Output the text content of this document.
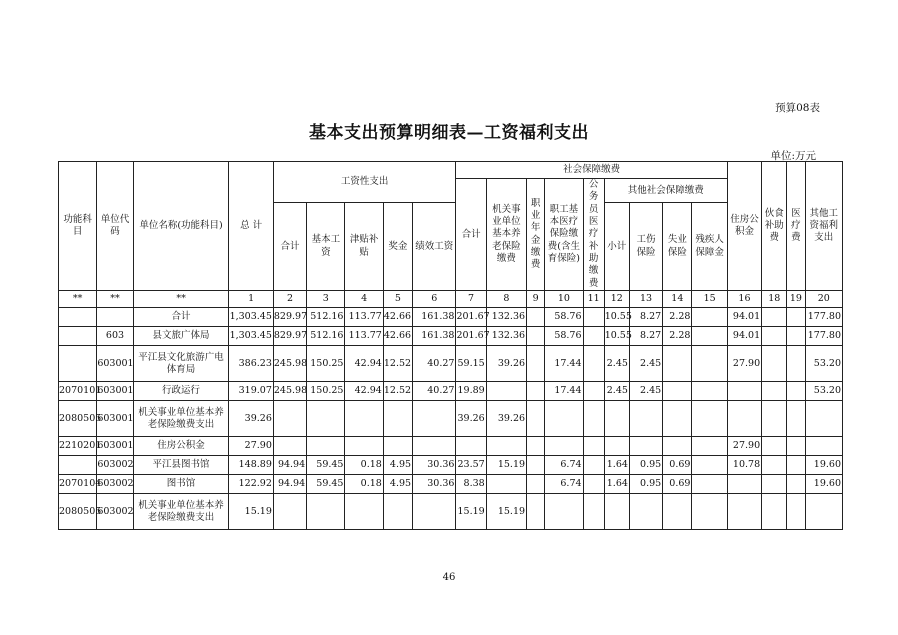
预算08表
基本支出预算明细表—工资福利支出
单位:万元
功能科目	单位代码	单位名称(功能科目)	总 计	工资性支出					社会保障缴费									住房公积金	伙食补助费	医疗费	其他工资福利支出
									合计	机关事业单位基本养老保险缴费	职业年金缴费	职工基本医疗保险缴费(含生育保险)	公务员医疗补助缴费	其他社会保障缴费							
				合计	基本工资	津贴补贴	奖金	绩效工资						小计	工伤保险	失业保险	残疾人保障金				
**	**	**	1	2	3	4	5	6	7	8	9	10	11	12	13	14	15	16	18	19	20
		合计	1,303.45	829.97	512.16	113.77	42.66	161.38	201.67	132.36		58.76		10.55	8.27	2.28		94.01			177.80
	603	县文旅广体局	1,303.45	829.97	512.16	113.77	42.66	161.38	201.67	132.36		58.76		10.55	8.27	2.28		94.01			177.80
	603001	平江县文化旅游广电体育局	386.23	245.98	150.25	42.94	12.52	40.27	59.15	39.26		17.44		2.45	2.45			27.90			53.20
2070101	603001	行政运行	319.07	245.98	150.25	42.94	12.52	40.27	19.89			17.44		2.45	2.45						53.20
2080505	603001	机关事业单位基本养老保险缴费支出	39.26						39.26	39.26											
2210201	603001	住房公积金	27.90															27.90			
	603002	平江县图书馆	148.89	94.94	59.45	0.18	4.95	30.36	23.57	15.19		6.74		1.64	0.95	0.69		10.78			19.60
2070104	603002	图书馆	122.92	94.94	59.45	0.18	4.95	30.36	8.38			6.74		1.64	0.95	0.69					19.60
2080505	603002	机关事业单位基本养老保险缴费支出	15.19						15.19	15.19											
46
